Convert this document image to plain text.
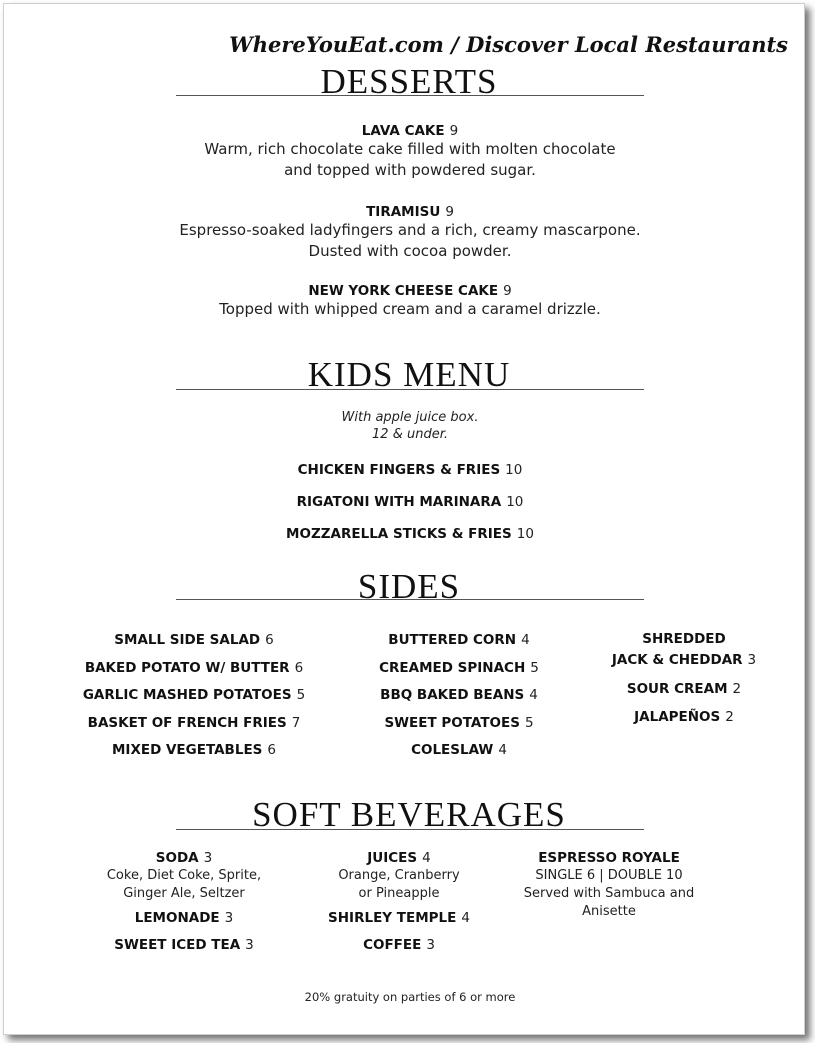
WhereYouEat.com / Discover Local Restaurants
DESSERTS
LAVA CAKE 9
Warm, rich chocolate cake filled with molten chocolate
and topped with powdered sugar.
TIRAMISU 9
Espresso-soaked ladyfingers and a rich, creamy mascarpone.
Dusted with cocoa powder.
NEW YORK CHEESE CAKE 9
Topped with whipped cream and a caramel drizzle.
KIDS MENU
With apple juice box.
12 & under.
CHICKEN FINGERS & FRIES 10
RIGATONI WITH MARINARA 10
MOZZARELLA STICKS & FRIES 10
SIDES
SMALL SIDE SALAD 6
BAKED POTATO W/ BUTTER 6
GARLIC MASHED POTATOES 5
BASKET OF FRENCH FRIES 7
MIXED VEGETABLES 6
BUTTERED CORN 4
CREAMED SPINACH 5
BBQ BAKED BEANS 4
SWEET POTATOES 5
COLESLAW 4
SHREDDED
JACK & CHEDDAR 3
SOUR CREAM 2
JALAPEÑOS 2
SOFT BEVERAGES
SODA 3
Coke, Diet Coke, Sprite,
Ginger Ale, Seltzer
LEMONADE 3
SWEET ICED TEA 3
JUICES 4
Orange, Cranberry
or Pineapple
SHIRLEY TEMPLE 4
COFFEE 3
ESPRESSO ROYALE
SINGLE 6 | DOUBLE 10
Served with Sambuca and
Anisette
20% gratuity on parties of 6 or more
